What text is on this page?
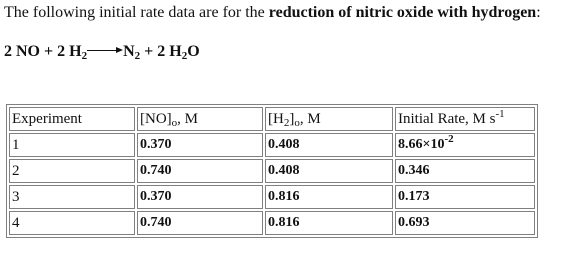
The following initial rate data are for the reduction of nitric oxide with hydrogen:
2 NO + 2 $H_2$ $N_2 + 2$ $H_2O$
Experiment	$[NO]_o$, M	$[H_2]_o$, M	Initial Rate, M $s^{-1}$
1	0.370	0.408	$8.66\times 10^{-2}$
2	0.740	0.408	0.346
3	0.370	0.816	0.173
4	0.740	0.816	0.693
